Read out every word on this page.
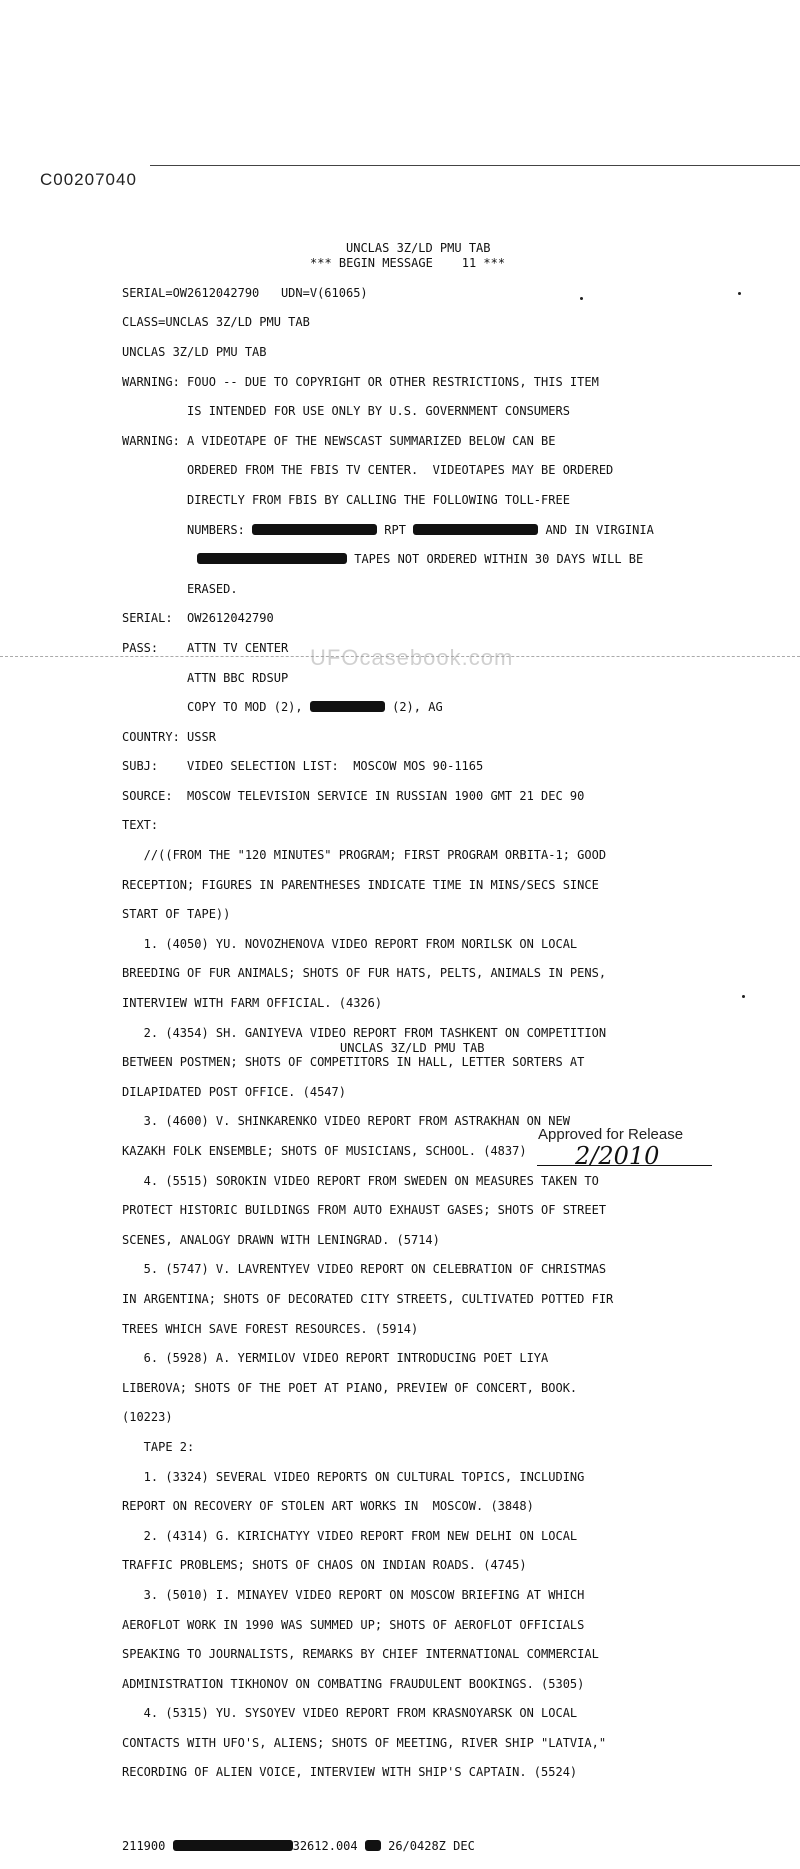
C00207040
UFOcasebook.com
UNCLAS 3Z/LD PMU TAB
*** BEGIN MESSAGE    11 ***

SERIAL=OW2612042790   UDN=V(61065)

CLASS=UNCLAS 3Z/LD PMU TAB

UNCLAS 3Z/LD PMU TAB

WARNING: FOUO -- DUE TO COPYRIGHT OR OTHER RESTRICTIONS, THIS ITEM

IS INTENDED FOR USE ONLY BY U.S. GOVERNMENT CONSUMERS

WARNING: A VIDEOTAPE OF THE NEWSCAST SUMMARIZED BELOW CAN BE

ORDERED FROM THE FBIS TV CENTER.  VIDEOTAPES MAY BE ORDERED

DIRECTLY FROM FBIS BY CALLING THE FOLLOWING TOLL-FREE

NUMBERS:	RPT	AND IN VIRGINIA

TAPES NOT ORDERED WITHIN 30 DAYS WILL BE

ERASED.

SERIAL:  OW2612042790

PASS:    ATTN TV CENTER

ATTN BBC RDSUP

COPY TO MOD (2),	(2), AG

COUNTRY: USSR

SUBJ:    VIDEO SELECTION LIST:  MOSCOW MOS 90-1165

SOURCE:  MOSCOW TELEVISION SERVICE IN RUSSIAN 1900 GMT 21 DEC 90

TEXT:

//((FROM THE "120 MINUTES" PROGRAM; FIRST PROGRAM ORBITA-1; GOOD

RECEPTION; FIGURES IN PARENTHESES INDICATE TIME IN MINS/SECS SINCE

START OF TAPE))

1. (4050) YU. NOVOZHENOVA VIDEO REPORT FROM NORILSK ON LOCAL

BREEDING OF FUR ANIMALS; SHOTS OF FUR HATS, PELTS, ANIMALS IN PENS,

INTERVIEW WITH FARM OFFICIAL. (4326)

2. (4354) SH. GANIYEVA VIDEO REPORT FROM TASHKENT ON COMPETITION

BETWEEN POSTMEN; SHOTS OF COMPETITORS IN HALL, LETTER SORTERS AT

DILAPIDATED POST OFFICE. (4547)

3. (4600) V. SHINKARENKO VIDEO REPORT FROM ASTRAKHAN ON NEW

KAZAKH FOLK ENSEMBLE; SHOTS OF MUSICIANS, SCHOOL. (4837)

4. (5515) SOROKIN VIDEO REPORT FROM SWEDEN ON MEASURES TAKEN TO

PROTECT HISTORIC BUILDINGS FROM AUTO EXHAUST GASES; SHOTS OF STREET

SCENES, ANALOGY DRAWN WITH LENINGRAD. (5714)

5. (5747) V. LAVRENTYEV VIDEO REPORT ON CELEBRATION OF CHRISTMAS

IN ARGENTINA; SHOTS OF DECORATED CITY STREETS, CULTIVATED POTTED FIR

TREES WHICH SAVE FOREST RESOURCES. (5914)

6. (5928) A. YERMILOV VIDEO REPORT INTRODUCING POET LIYA

LIBEROVA; SHOTS OF THE POET AT PIANO, PREVIEW OF CONCERT, BOOK.

(10223)

TAPE 2:

1. (3324) SEVERAL VIDEO REPORTS ON CULTURAL TOPICS, INCLUDING

REPORT ON RECOVERY OF STOLEN ART WORKS IN  MOSCOW. (3848)

2. (4314) G. KIRICHATYY VIDEO REPORT FROM NEW DELHI ON LOCAL

TRAFFIC PROBLEMS; SHOTS OF CHAOS ON INDIAN ROADS. (4745)

3. (5010) I. MINAYEV VIDEO REPORT ON MOSCOW BRIEFING AT WHICH

AEROFLOT WORK IN 1990 WAS SUMMED UP; SHOTS OF AEROFLOT OFFICIALS

SPEAKING TO JOURNALISTS, REMARKS BY CHIEF INTERNATIONAL COMMERCIAL

ADMINISTRATION TIKHONOV ON COMBATING FRAUDULENT BOOKINGS. (5305)

4. (5315) YU. SYSOYEV VIDEO REPORT FROM KRASNOYARSK ON LOCAL

CONTACTS WITH UFO'S, ALIENS; SHOTS OF MEETING, RIVER SHIP "LATVIA,"

RECORDING OF ALIEN VOICE, INTERVIEW WITH SHIP'S CAPTAIN. (5524)

211900	32612.004	26/0428Z DEC

UNCLAS 3Z/LD PMU TAB
Approved for Release
2/2010
